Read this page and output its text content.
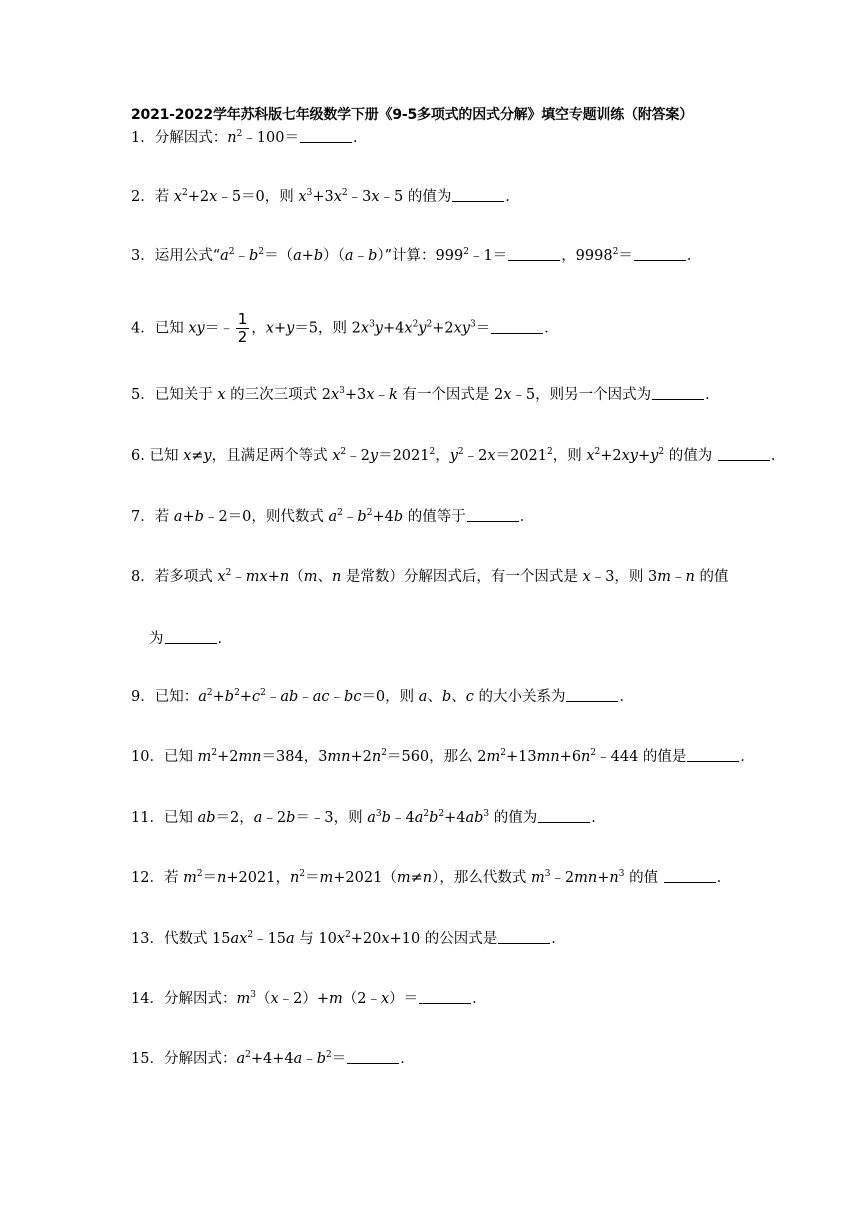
2021-2022学年苏科版七年级数学下册《9-5多项式的因式分解》填空专题训练（附答案）
1．分解因式：$n^2﹣100=$	．
2．若 $x^2+2x﹣5=0$，则 $x^3+3x^2﹣3x﹣5$ 的值为	．
3．运用公式“$a^2﹣b^2=(a+b)(a﹣b)$”计算：$999^2﹣1=$	，$9998^2=$	．
4．已知 xy＝﹣ $\frac{1}{2}$ ，x+y＝5，则 $2x^3y+4x^2y^2+2xy^3=$	．
5．已知关于 x 的三次三项式 $2x^3+3x﹣k$ 有一个因式是 2x﹣5，则另一个因式为	．
6. 已知 x≠y，且满足两个等式 $x^2﹣2y=2021^2$，$y^2﹣2x=2021^2$，则 $x^2+2xy+y^2$ 的值为	．
7．若 a+b﹣2＝0，则代数式 $a^2﹣b^2+4b$ 的值等于	．
8．若多项式 $x^2﹣mx+n(m$、n 是常数）分解因式后，有一个因式是 x﹣3，则 3m﹣n 的值
为	．
9．已知：$a^2+b^2+c^2﹣ab﹣ac﹣bc=0$，则 a、b、c 的大小关系为	．
10．已知 $m^2+2mn=384$，$3mn+2n^2=560$，那么 $2m^2+13mn+6n^2﹣444$ 的值是	．
11．已知 ab＝2，a﹣2b＝﹣3，则 $a^3b﹣4a^2b^2+4ab^3$ 的值为	．
12．若 $m^2=n+2021$，$n^2=m+2021(m\ne n)$，那么代数式 $m^3﹣2mn+n^3$ 的值	．
13．代数式 $15ax^2﹣15a$ 与 $10x^2+20x+10$ 的公因式是	．
14．分解因式：$m^3(x﹣2)+m(2﹣x)=$	．
15．分解因式：$a^2+4+4a﹣b^2=$	．
